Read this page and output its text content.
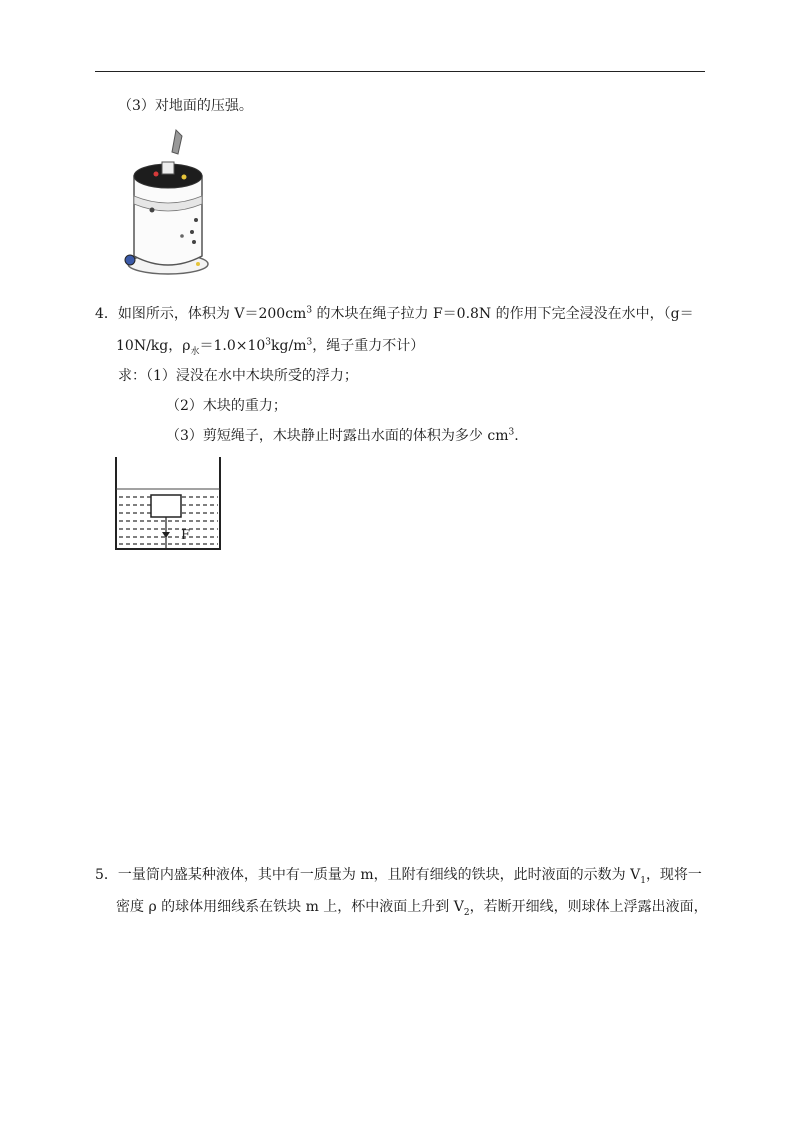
（3）对地面的压强。
4．如图所示，体积为 $V=200cm^3$ 的木块在绳子拉力 F＝0.8N 的作用下完全浸没在水中，（g＝
10N/kg，$\rho_水=1.0\times 10^3kg/m^3$，绳子重力不计）
求：（1）浸没在水中木块所受的浮力；
（2）木块的重力；
（3）剪短绳子，木块静止时露出水面的体积为多少 $cm^3$.
F
5．一量筒内盛某种液体，其中有一质量为 m，且附有细线的铁块，此时液面的示数为 $V_1$，现将一
密度 ρ 的球体用细线系在铁块 m 上，杯中液面上升到 $V_2$，若断开细线，则球体上浮露出液面，
